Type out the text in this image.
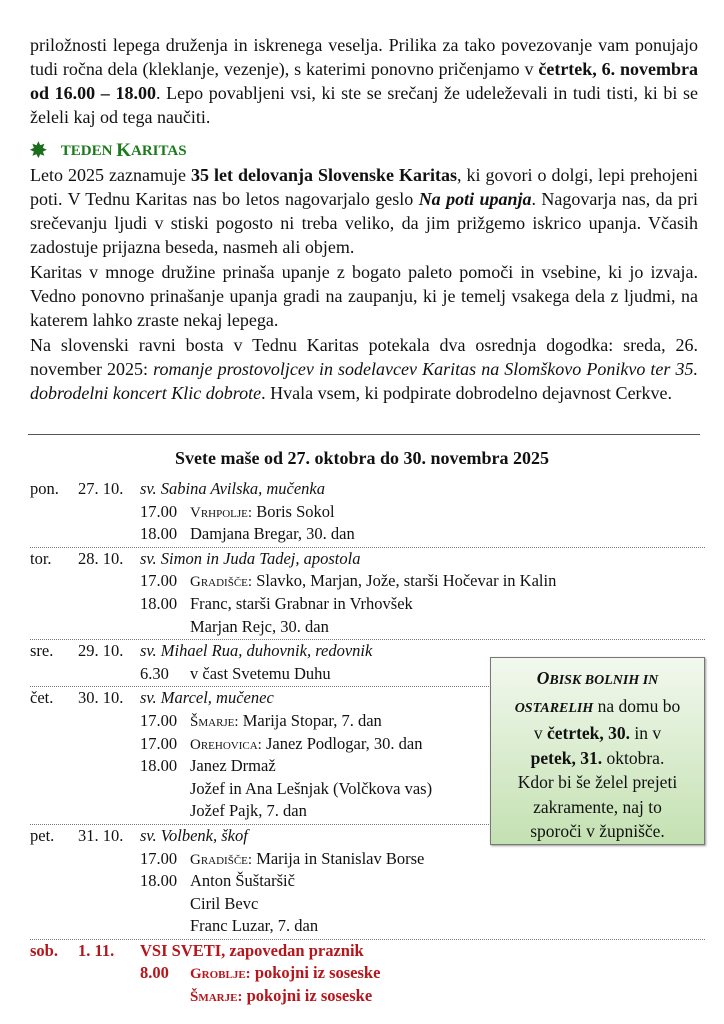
priložnosti lepega druženja in iskrenega veselja. Prilika za tako povezovanje vam ponujajo tudi ročna dela (kleklanje, vezenje), s katerimi ponovno pričenjamo v četrtek, 6. novembra od 16.00 – 18.00. Lepo povabljeni vsi, ki ste se srečanj že udeleževali in tudi tisti, ki bi se želeli kaj od tega naučiti.

✸ TEDEN
K ARITAS

Leto 2025 zaznamuje 35 let delovanja Slovenske Karitas, ki govori o dolgi, lepi prehojeni poti. V Tednu Karitas nas bo letos nagovarjalo geslo Na poti upanja. Nagovarja nas, da pri srečevanju ljudi v stiski pogosto ni treba veliko, da jim prižgemo iskrico upanja. Včasih zadostuje prijazna beseda, nasmeh ali objem.

Karitas v mnoge družine prinaša upanje z bogato paleto pomoči in vsebine, ki jo izvaja. Vedno ponovno prinašanje upanja gradi na zaupanju, ki je temelj vsakega dela z ljudmi, na katerem lahko zraste nekaj lepega.

Na slovenski ravni bosta v Tednu Karitas potekala dva osrednja dogodka: sreda, 26. november 2025: romanje prostovoljcev in sodelavcev Karitas na Slomškovo Ponikvo ter 35. dobrodelni koncert Klic dobrote. Hvala vsem, ki podpirate dobrodelno dejavnost Cerkve.

Svete maše od 27. oktobra do 30. novembra 2025
pon.	27. 10.	sv. Sabina Avilska, mučenka
17.00 Vrhpolje: Boris Sokol
18.00 Damjana Bregar, 30. dan
tor.	28. 10.	sv. Simon in Juda Tadej, apostola
17.00 Gradišče: Slavko, Marjan, Jože, starši Hočevar in Kalin
18.00 Franc, starši Grabnar in Vrhovšek
Marjan Rejc, 30. dan
sre.	29. 10.	sv. Mihael Rua, duhovnik, redovnik
6.30	v čast Svetemu Duhu
čet.	30. 10.	sv. Marcel, mučenec
17.00 Šmarje: Marija Stopar, 7. dan
17.00 Orehovica: Janez Podlogar, 30. dan
18.00 Janez Drmaž
Jožef in Ana Lešnjak (Volčkova vas)
Jožef Pajk, 7. dan
pet.	31. 10.	sv. Volbenk, škof
17.00 Gradišče: Marija in Stanislav Borse
18.00 Anton Šuštaršič
Ciril Bevc
Franc Luzar, 7. dan
sob.	1. 11.	VSI SVETI, zapovedan praznik
8.00	Groblje: pokojni iz soseske
Šmarje: pokojni iz soseske
OBISK BOLNIH IN
OSTARELIH na domu bo
v četrtek, 30. in v
petek, 31. oktobra.
Kdor bi še želel prejeti
zakramente, naj to
sporoči v župnišče.
